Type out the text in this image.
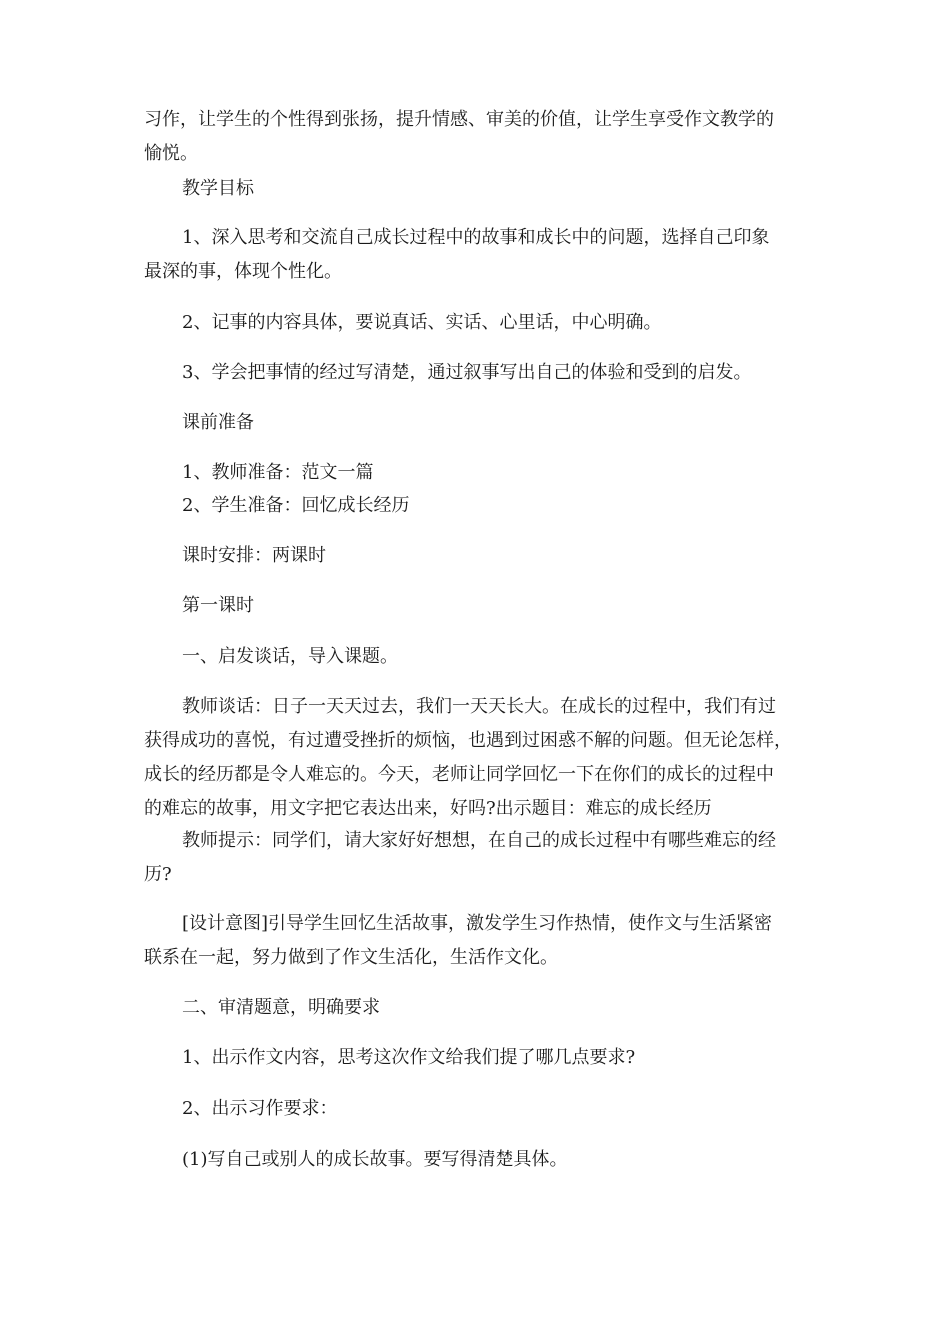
习作，让学生的个性得到张扬，提升情感、审美的价值，让学生享受作文教学的
愉悦。
教学目标
1、深入思考和交流自己成长过程中的故事和成长中的问题，选择自己印象
最深的事，体现个性化。
2、记事的内容具体，要说真话、实话、心里话，中心明确。
3、学会把事情的经过写清楚，通过叙事写出自己的体验和受到的启发。
课前准备
1、教师准备：范文一篇
2、学生准备：回忆成长经历
课时安排：两课时
第一课时
一、启发谈话，导入课题。
教师谈话：日子一天天过去，我们一天天长大。在成长的过程中，我们有过
获得成功的喜悦，有过遭受挫折的烦恼，也遇到过困惑不解的问题。但无论怎样，
成长的经历都是令人难忘的。今天，老师让同学回忆一下在你们的成长的过程中
的难忘的故事，用文字把它表达出来，好吗?出示题目：难忘的成长经历
教师提示：同学们，请大家好好想想，在自己的成长过程中有哪些难忘的经
历?
[设计意图]引导学生回忆生活故事，激发学生习作热情，使作文与生活紧密
联系在一起，努力做到了作文生活化，生活作文化。
二、审清题意，明确要求
1、出示作文内容，思考这次作文给我们提了哪几点要求?
2、出示习作要求：
(1)写自己或别人的成长故事。要写得清楚具体。
